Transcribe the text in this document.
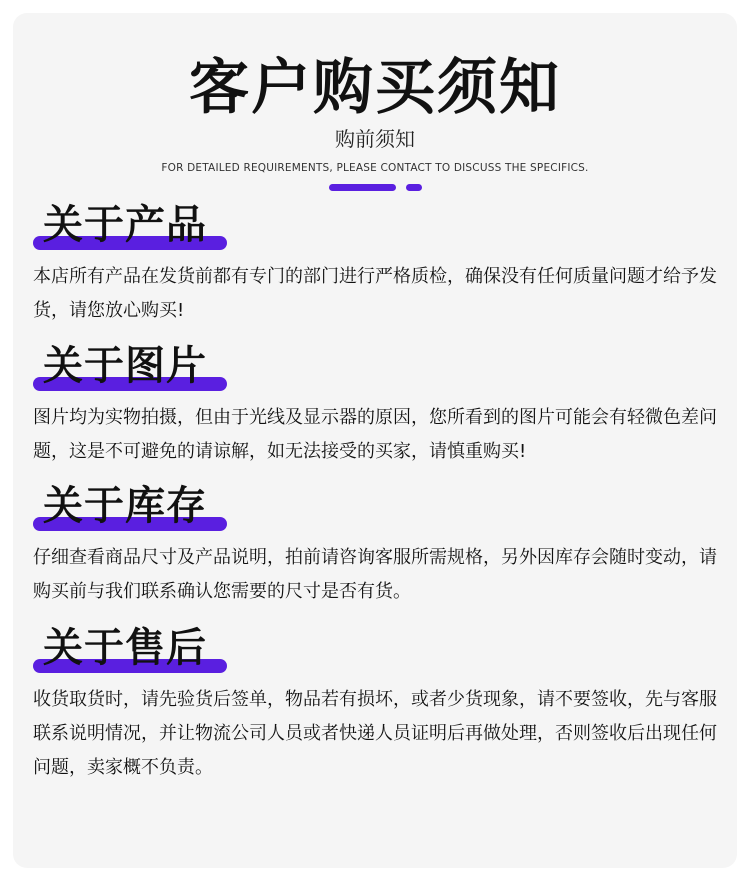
客户购买须知
购前须知
FOR DETAILED REQUIREMENTS, PLEASE CONTACT TO DISCUSS THE SPECIFICS.
关于产品
本店所有产品在发货前都有专门的部门进行严格质检，确保没有任何质量问题才给予发货，请您放心购买!
关于图片
图片均为实物拍摄，但由于光线及显示器的原因，您所看到的图片可能会有轻微色差问题，这是不可避免的请谅解，如无法接受的买家，请慎重购买!
关于库存
仔细查看商品尺寸及产品说明，拍前请咨询客服所需规格，另外因库存会随时变动，请购买前与我们联系确认您需要的尺寸是否有货。
关于售后
收货取货时，请先验货后签单，物品若有损坏，或者少货现象，请不要签收，先与客服联系说明情况，并让物流公司人员或者快递人员证明后再做处理，否则签收后出现任何问题，卖家概不负责。
